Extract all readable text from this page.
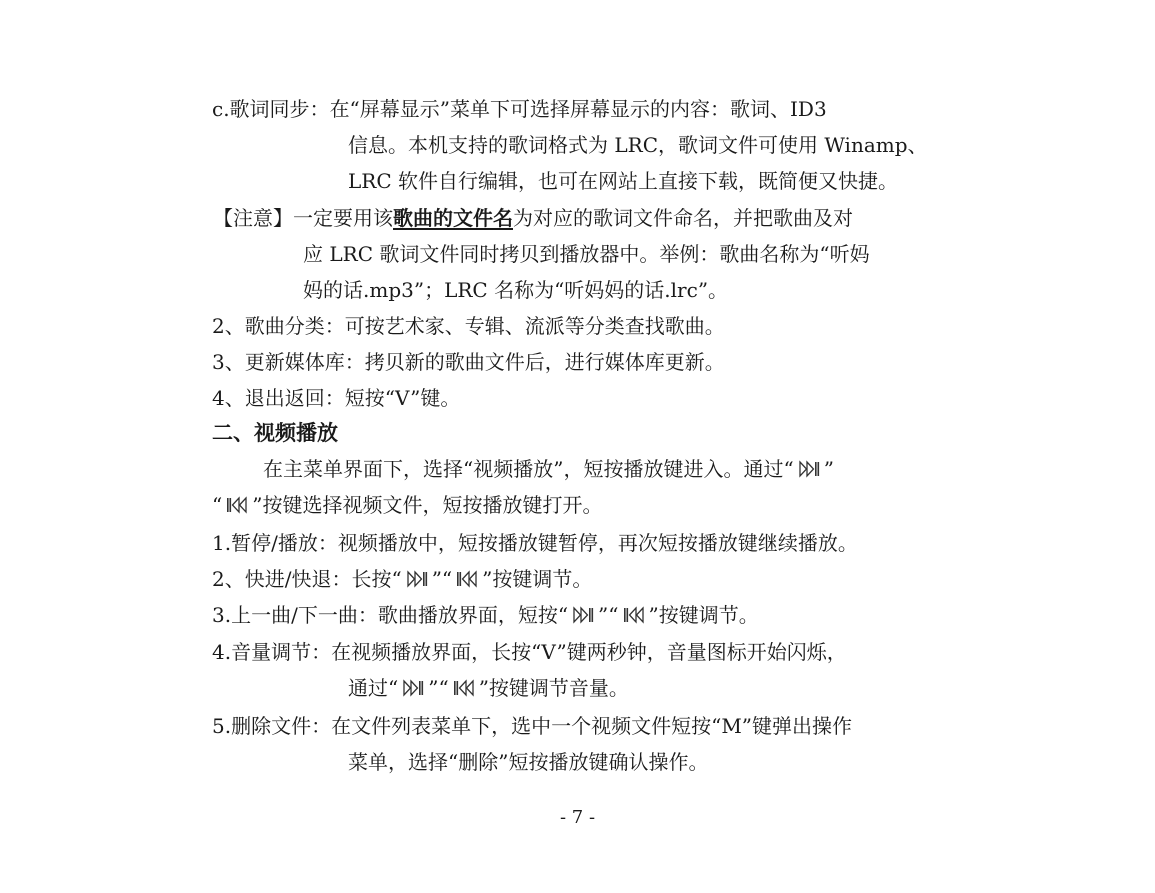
c.歌词同步：在“屏幕显示”菜单下可选择屏幕显示的内容：歌词、ID3
信息。本机支持的歌词格式为 LRC，歌词文件可使用 Winamp、
LRC 软件自行编辑，也可在网站上直接下载，既简便又快捷。
【注意】一定要用该歌曲的文件名为对应的歌词文件命名，并把歌曲及对
应 LRC 歌词文件同时拷贝到播放器中。举例：歌曲名称为“听妈
妈的话.mp3”；LRC 名称为“听妈妈的话.lrc”。
2、歌曲分类：可按艺术家、专辑、流派等分类查找歌曲。
3、更新媒体库：拷贝新的歌曲文件后，进行媒体库更新。
4、退出返回：短按“V”键。
二、视频播放
在主菜单界面下，选择“视频播放”，短按播放键进入。通过“ ”
“ ”按键选择视频文件，短按播放键打开。
1.暂停/播放：视频播放中，短按播放键暂停，再次短按播放键继续播放。
2、快进/快退：长按“ ”“ ”按键调节。
3.上一曲/下一曲：歌曲播放界面，短按“ ”“ ”按键调节。
4.音量调节：在视频播放界面，长按“V”键两秒钟，音量图标开始闪烁，
通过“ ”“ ”按键调节音量。
5.删除文件：在文件列表菜单下，选中一个视频文件短按“M”键弹出操作
菜单，选择“删除”短按播放键确认操作。
- 7 -
